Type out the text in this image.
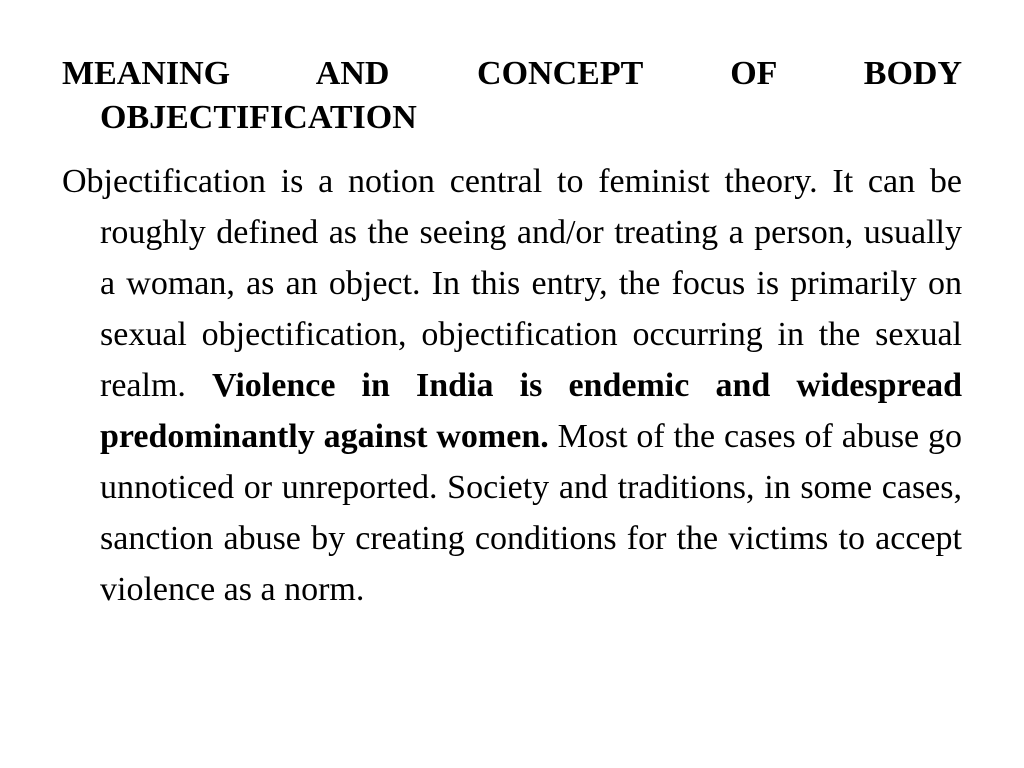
MEANING AND CONCEPT OF BODY OBJECTIFICATION

Objectification is a notion central to feminist theory. It can be roughly defined as the seeing and/or treating a person, usually a woman, as an object. In this entry, the focus is primarily on sexual objectification, objectification occurring in the sexual realm. Violence in India is endemic and widespread predominantly against women. Most of the cases of abuse go unnoticed or unreported. Society and traditions, in some cases, sanction abuse by creating conditions for the victims to accept violence as a norm.
